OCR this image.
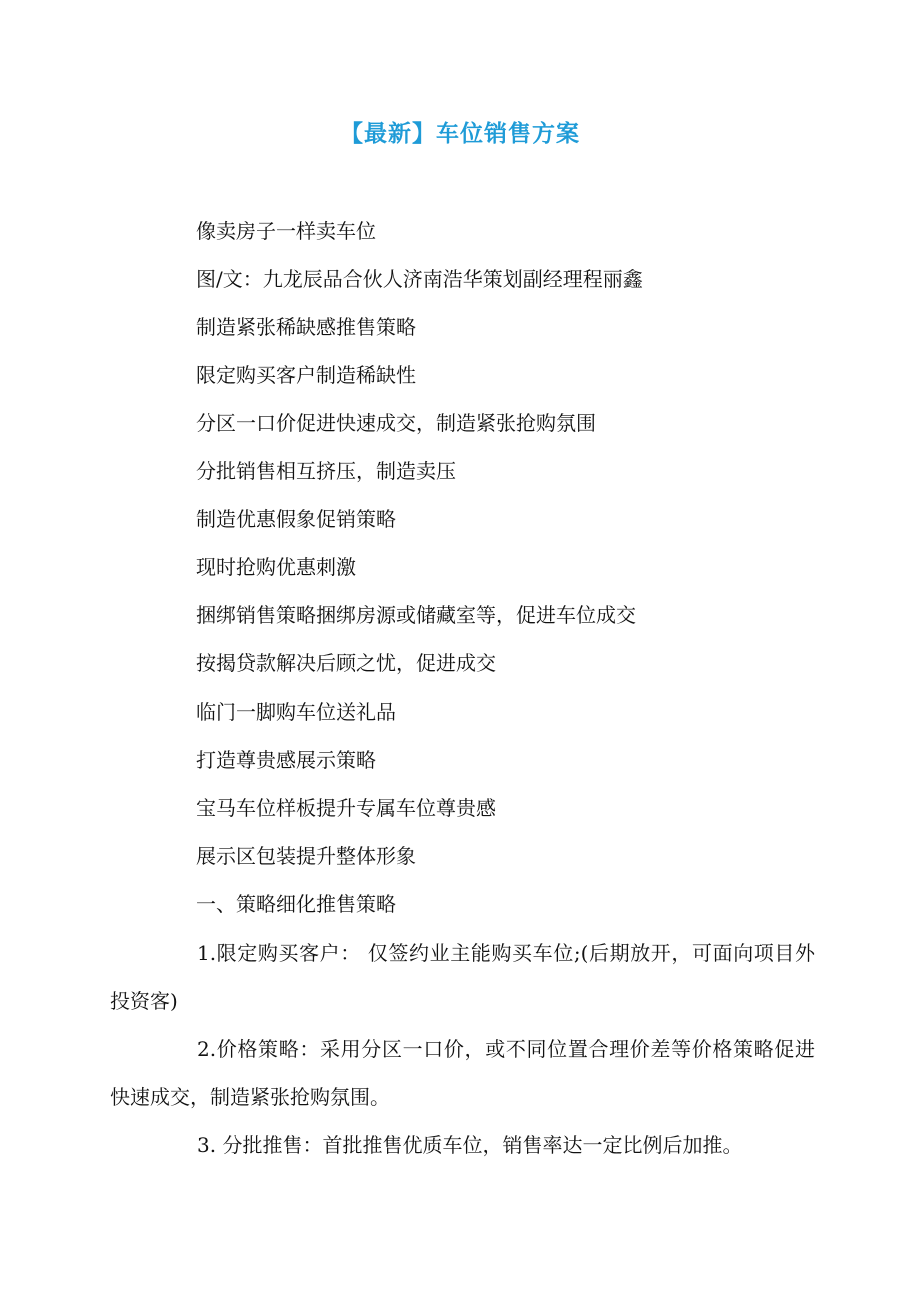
【最新】车位销售方案

像卖房子一样卖车位

图/文：九龙辰品合伙人济南浩华策划副经理程丽鑫

制造紧张稀缺感推售策略

限定购买客户制造稀缺性

分区一口价促进快速成交，制造紧张抢购氛围

分批销售相互挤压，制造卖压

制造优惠假象促销策略

现时抢购优惠刺激

捆绑销售策略捆绑房源或储藏室等，促进车位成交

按揭贷款解决后顾之忧，促进成交

临门一脚购车位送礼品

打造尊贵感展示策略

宝马车位样板提升专属车位尊贵感

展示区包装提升整体形象

一、策略细化推售策略

1.限定购买客户： 仅签约业主能购买车位;(后期放开，可面向项目外投资客)

2.价格策略：采用分区一口价，或不同位置合理价差等价格策略促进快速成交，制造紧张抢购氛围。

3. 分批推售：首批推售优质车位，销售率达一定比例后加推。
